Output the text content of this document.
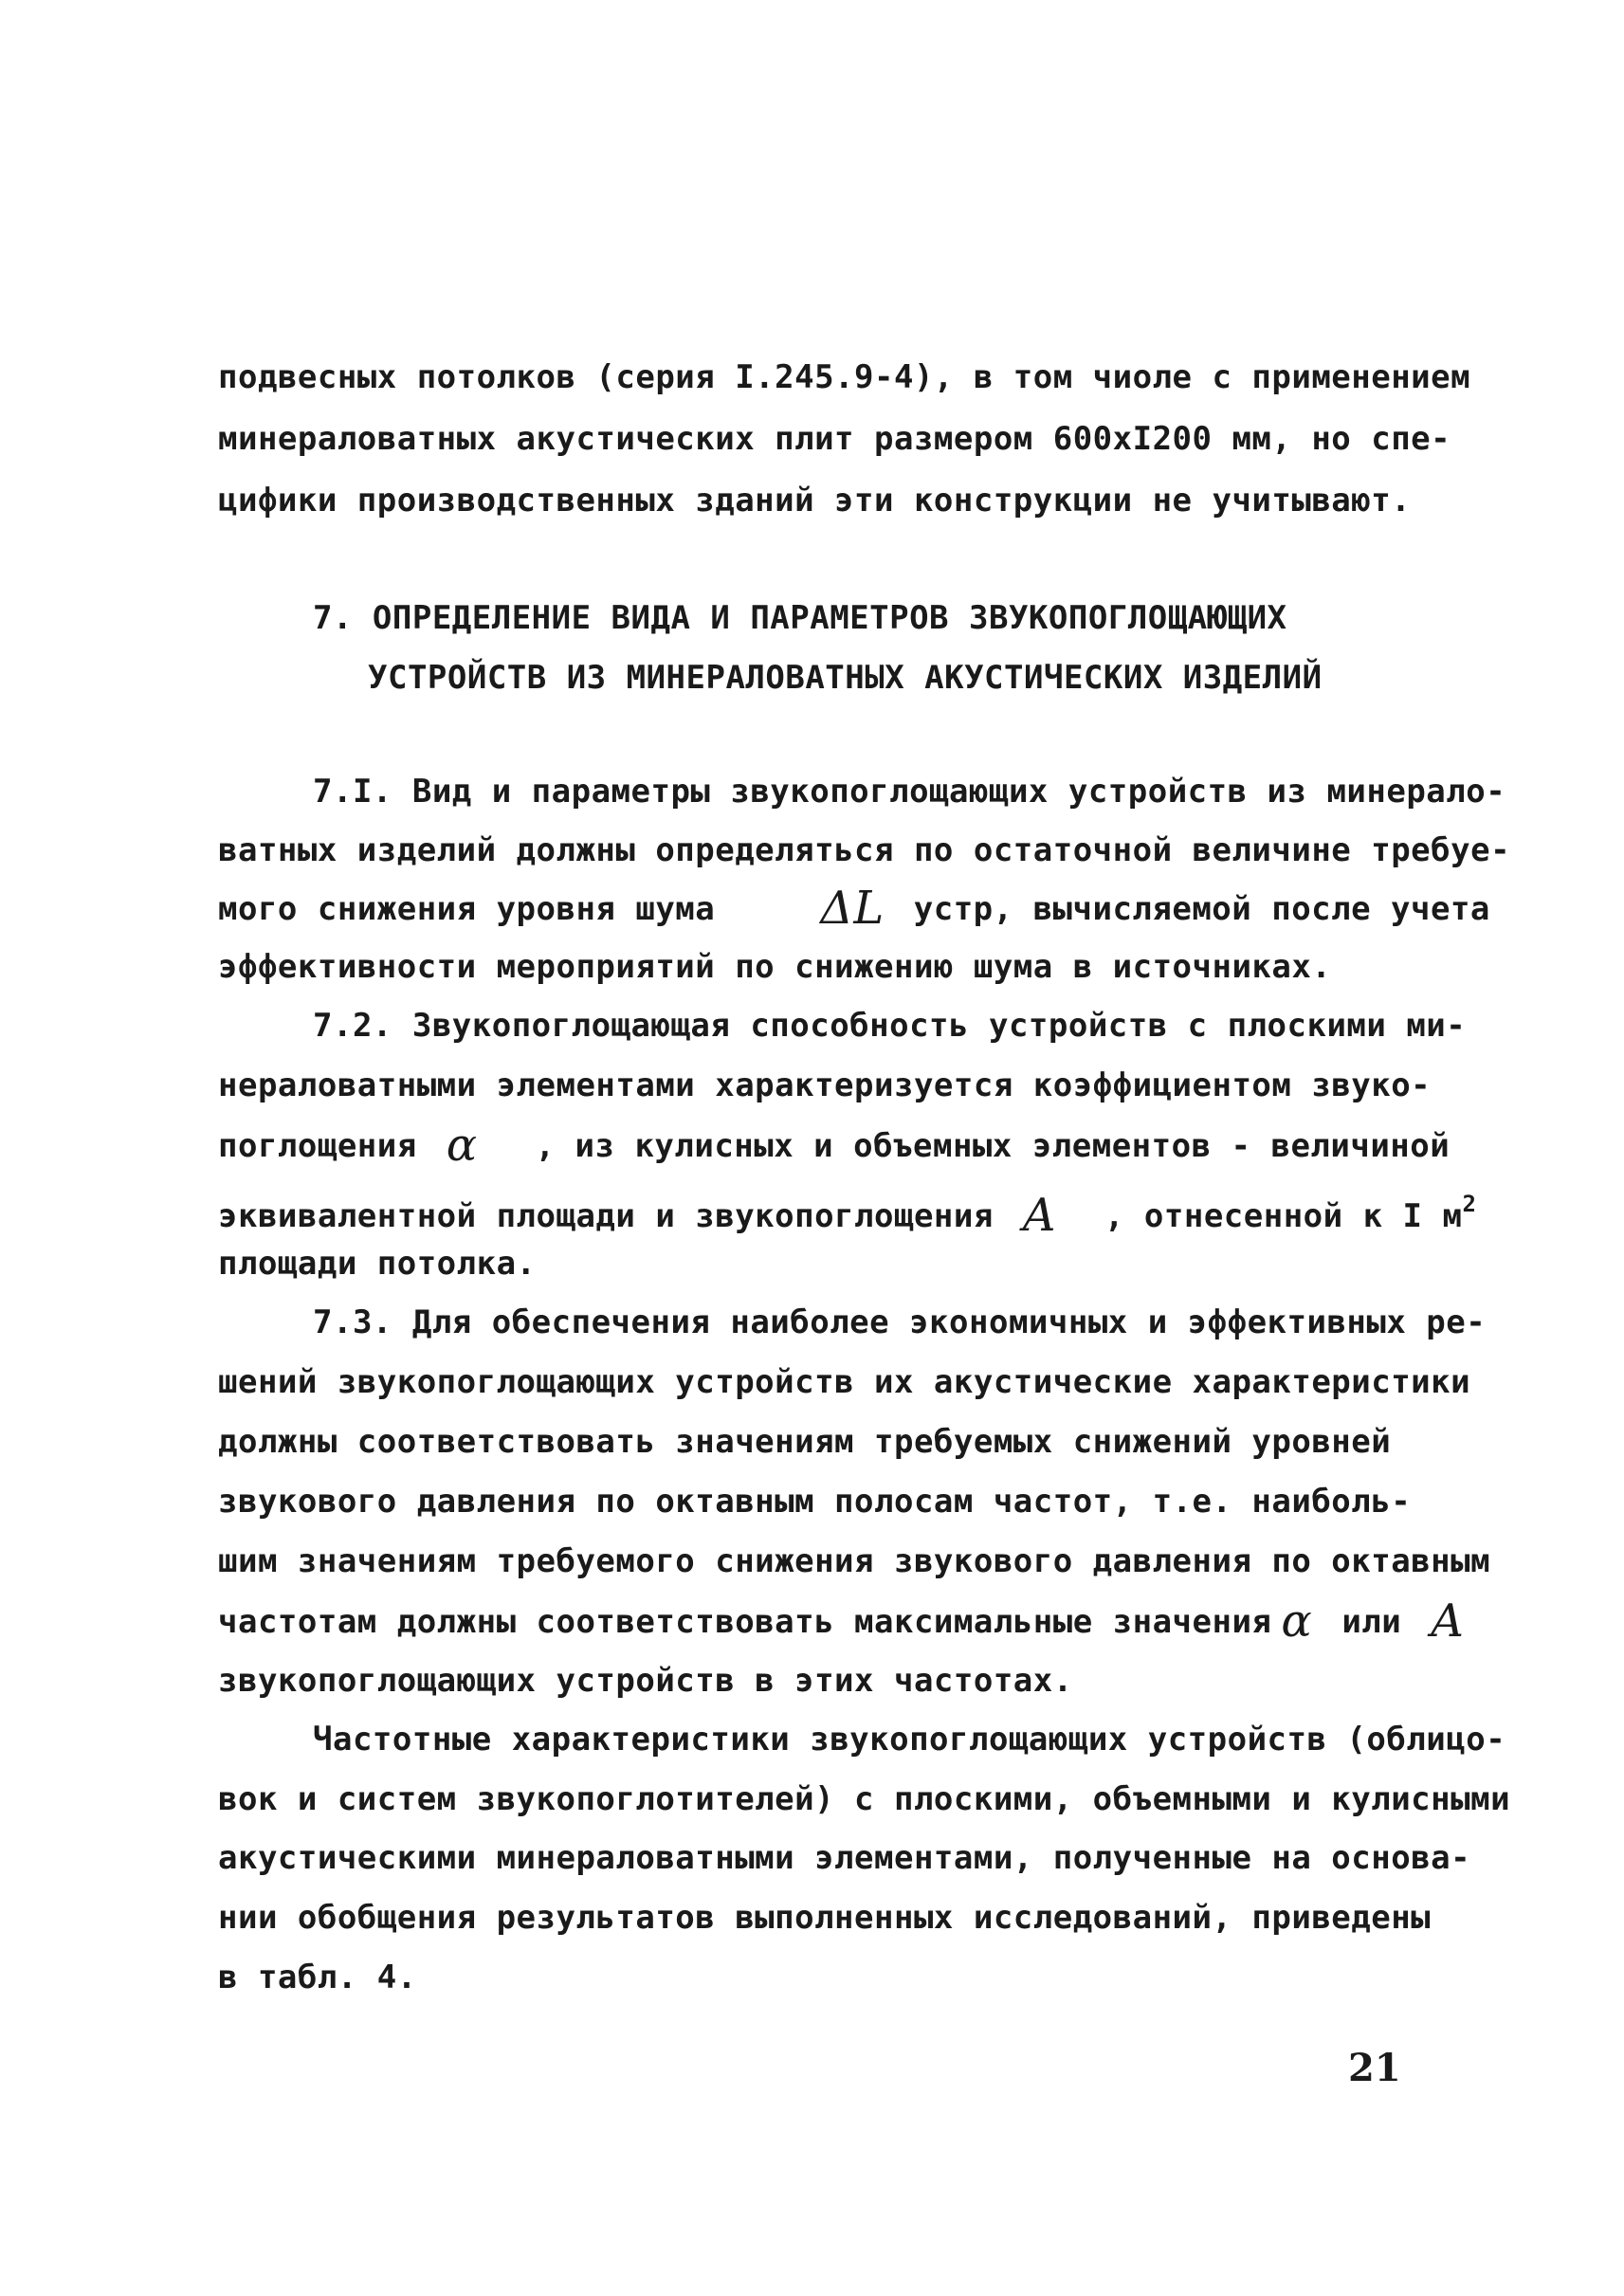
подвесных потолков (серия I.245.9-4), в том чиоле с применением
минераловатных акустических плит размером 600хI200 мм, но спе-
цифики производственных зданий эти конструкции не учитывают.
7. ОПРЕДЕЛЕНИЕ ВИДА И ПАРАМЕТРОВ ЗВУКОПОГЛОЩАЮЩИХ
УСТРОЙСТВ ИЗ МИНЕРАЛОВАТНЫХ АКУСТИЧЕСКИХ ИЗДЕЛИЙ
7.I. Вид и параметры звукопоглощающих устройств из минерало-
ватных изделий должны определяться по остаточной величине требуе-
мого снижения уровня шума ΔL устр, вычисляемой после учета
эффективности мероприятий по снижению шума в источниках.
7.2. Звукопоглощающая способность устройств с плоскими ми-
нераловатными элементами характеризуется коэффициентом звуко-
поглощения α , из кулисных и объемных элементов - величиной
эквивалентной площади и звукопоглощения A , отнесенной к I $м^2$
площади потолка.
7.3. Для обеспечения наиболее экономичных и эффективных ре-
шений звукопоглощающих устройств их акустические характеристики
должны соответствовать значениям требуемых снижений уровней
звукового давления по октавным полосам частот, т.е. наиболь-
шим значениям требуемого снижения звукового давления по октавным
частотам должны соответствовать максимальные значения α или A
звукопоглощающих устройств в этих частотах.
Частотные характеристики звукопоглощающих устройств (облицо-
вок и систем звукопоглотителей) с плоскими, объемными и кулисными
акустическими минераловатными элементами, полученные на основа-
нии обобщения результатов выполненных исследований, приведены
в табл. 4.
21
